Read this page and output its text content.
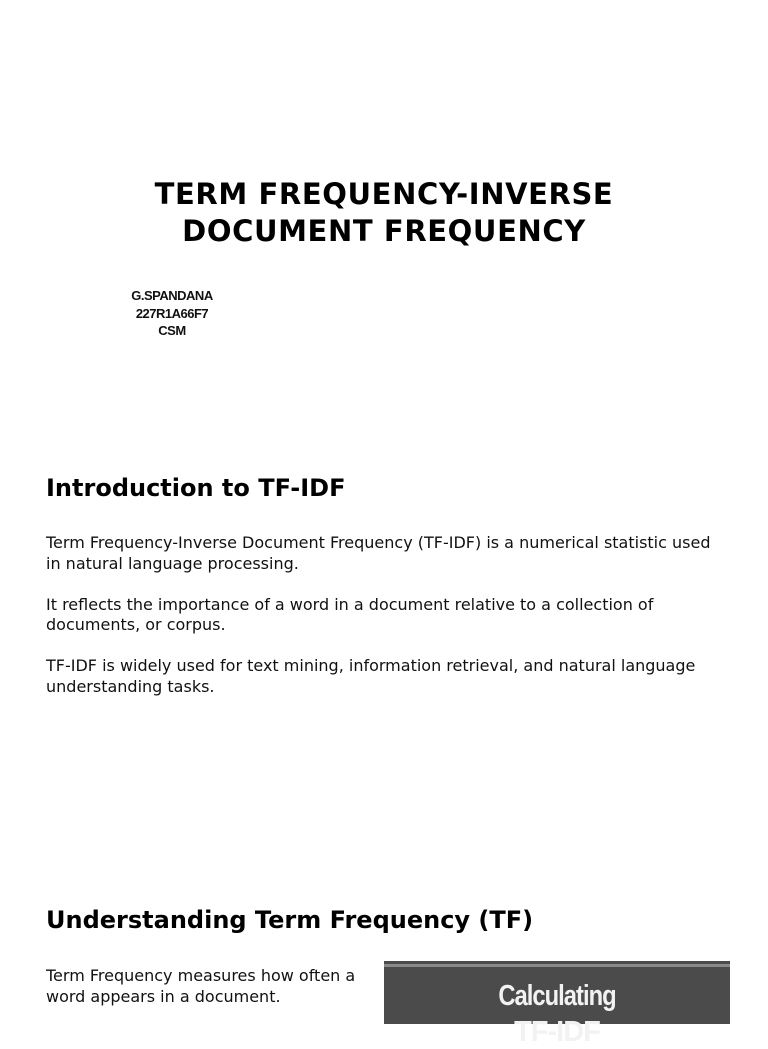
TERM FREQUENCY-INVERSE
DOCUMENT FREQUENCY
G.SPANDANA
227R1A66F7
CSM
Introduction to TF-IDF

Term Frequency-Inverse Document Frequency (TF-IDF) is a numerical statistic used in natural language processing.

It reflects the importance of a word in a document relative to a collection of documents, or corpus.

TF-IDF is widely used for text mining, information retrieval, and natural language understanding tasks.

Understanding Term Frequency (TF)

Term Frequency measures how often a word appears in a document.	Calculating
TF-IDF
